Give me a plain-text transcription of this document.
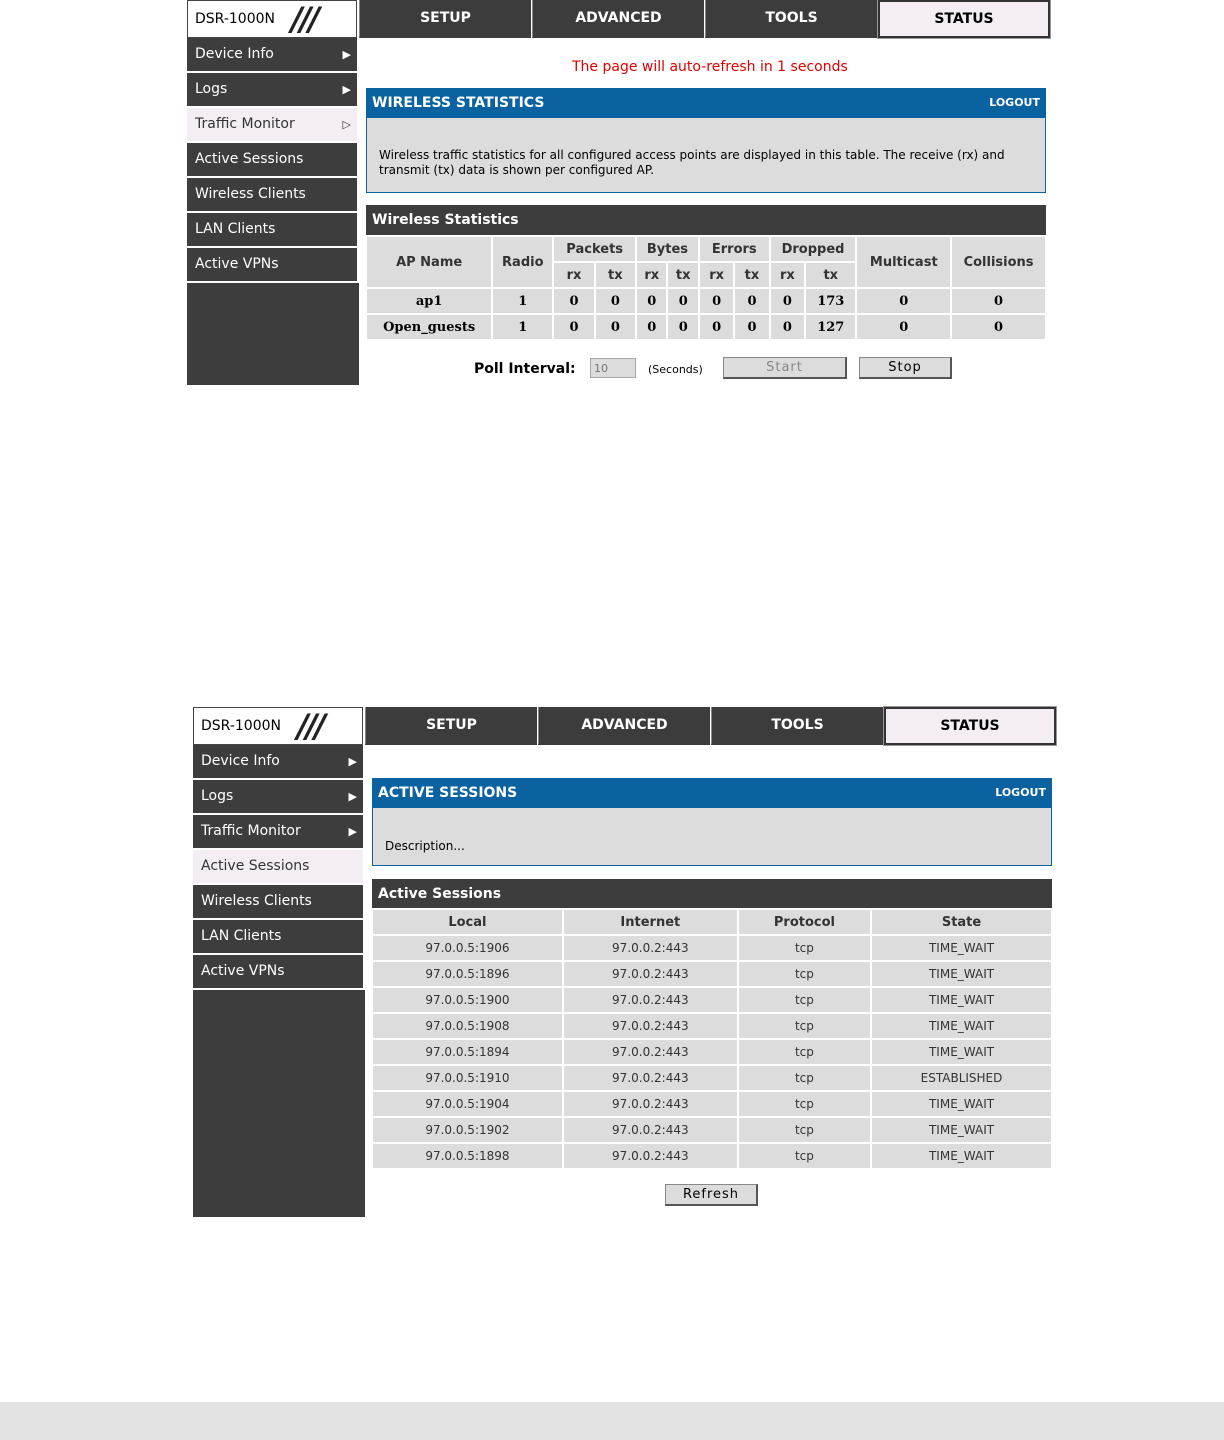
DSR-1000N ///	SETUP	ADVANCED	TOOLS	STATUS
Device Info	▶
Logs	▶
Traffic Monitor	▷
Active Sessions
Wireless Clients
LAN Clients
Active VPNs
The page will auto-refresh in 1 seconds
WIRELESS STATISTICS	LOGOUT
Wireless traffic statistics for all configured access points are displayed in this table. The receive (rx) and transmit (tx) data is shown per configured AP.
Wireless Statistics
AP Name	Radio	Packets		Bytes		Errors		Dropped		Multicast	Collisions
		rx	tx	rx	tx	rx	tx	rx	tx		
ap1	1	0	0	0	0	0	0	0	173	0	0
Open_guests	1	0	0	0	0	0	0	0	127	0	0
Poll Interval:
10	(Seconds)	Start	Stop
DSR-1000N ///	SETUP	ADVANCED	TOOLS	STATUS
Device Info	▶
Logs	▶
Traffic Monitor	▶
Active Sessions
Wireless Clients
LAN Clients
Active VPNs
ACTIVE SESSIONS	LOGOUT
Description...
Active Sessions
Local	Internet	Protocol	State
97.0.0.5:1906	97.0.0.2:443	tcp	TIME_WAIT
97.0.0.5:1896	97.0.0.2:443	tcp	TIME_WAIT
97.0.0.5:1900	97.0.0.2:443	tcp	TIME_WAIT
97.0.0.5:1908	97.0.0.2:443	tcp	TIME_WAIT
97.0.0.5:1894	97.0.0.2:443	tcp	TIME_WAIT
97.0.0.5:1910	97.0.0.2:443	tcp	ESTABLISHED
97.0.0.5:1904	97.0.0.2:443	tcp	TIME_WAIT
97.0.0.5:1902	97.0.0.2:443	tcp	TIME_WAIT
97.0.0.5:1898	97.0.0.2:443	tcp	TIME_WAIT
Refresh
